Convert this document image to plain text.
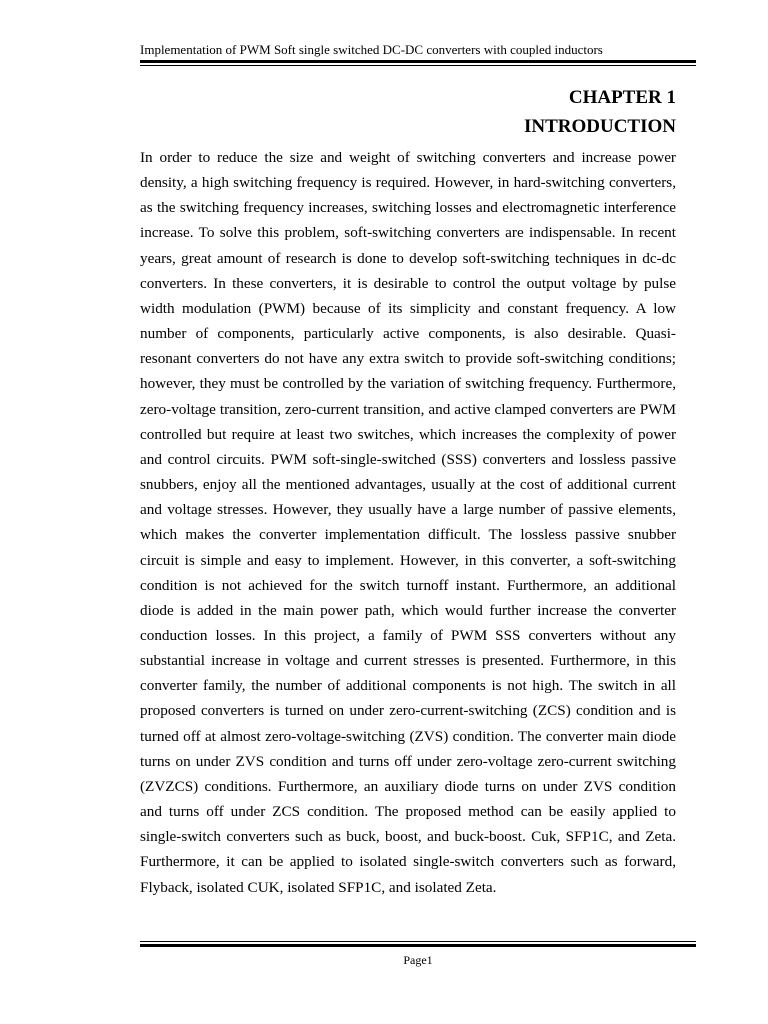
Implementation of PWM Soft single switched DC-DC converters with coupled inductors
CHAPTER 1
INTRODUCTION

In order to reduce the size and weight of switching converters and increase power density, a high switching frequency is required. However, in hard-switching converters, as the switching frequency increases, switching losses and electromagnetic interference increase. To solve this problem, soft-switching converters are indispensable. In recent years, great amount of research is done to develop soft-switching techniques in dc-dc converters. In these converters, it is desirable to control the output voltage by pulse width modulation (PWM) because of its simplicity and constant frequency. A low number of components, particularly active components, is also desirable. Quasi-resonant converters do not have any extra switch to provide soft-switching conditions; however, they must be controlled by the variation of switching frequency. Furthermore, zero-voltage transition, zero-current transition, and active clamped converters are PWM controlled but require at least two switches, which increases the complexity of power and control circuits. PWM soft-single-switched (SSS) converters and lossless passive snubbers, enjoy all the mentioned advantages, usually at the cost of additional current and voltage stresses. However, they usually have a large number of passive elements, which makes the converter implementation difficult. The lossless passive snubber circuit is simple and easy to implement. However, in this converter, a soft-switching condition is not achieved for the switch turnoff instant. Furthermore, an additional diode is added in the main power path, which would further increase the converter conduction losses. In this project, a family of PWM SSS converters without any substantial increase in voltage and current stresses is presented. Furthermore, in this converter family, the number of additional components is not high. The switch in all proposed converters is turned on under zero-current-switching (ZCS) condition and is turned off at almost zero-voltage-switching (ZVS) condition. The converter main diode turns on under ZVS condition and turns off under zero-voltage zero-current switching (ZVZCS) conditions. Furthermore, an auxiliary diode turns on under ZVS condition and turns off under ZCS condition. The proposed method can be easily applied to single-switch converters such as buck, boost, and buck-boost. Cuk, SFP1C, and Zeta. Furthermore, it can be applied to isolated single-switch converters such as forward, Flyback, isolated CUK, isolated SFP1C, and isolated Zeta.

Page1
